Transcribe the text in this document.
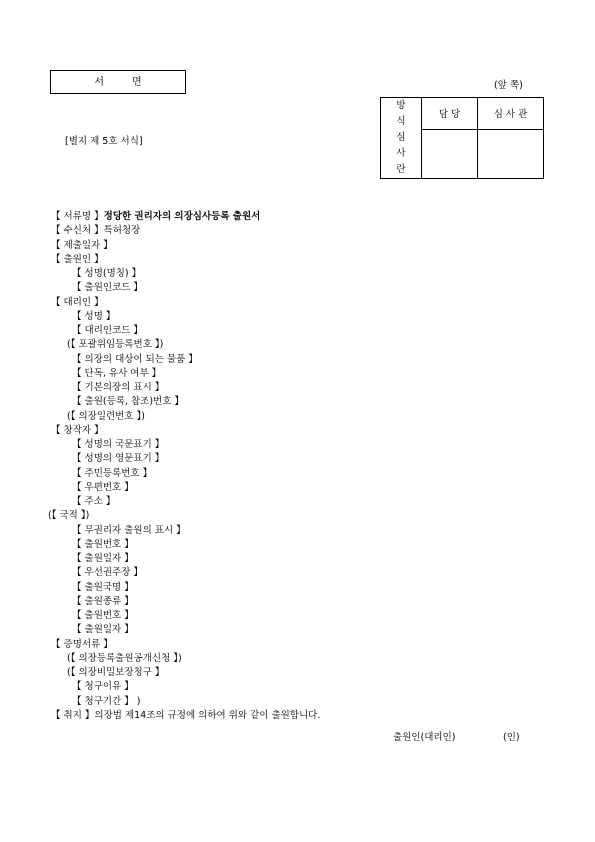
서면	(앞 쪽)
[별지 제 5호 서식]
방
식
심
사
란	담 당	심 사 관

【 서류명 】정당한 권리자의 의장심사등록 출원서
【 수신처 】특허청장
【 제출일자 】
【 출원인 】
【 성명(명칭) 】
【 출원인코드 】
【 대리인 】
【 성명 】
【 대리인코드 】
(【 포괄위임등록번호 】)
【 의장의 대상이 되는 물품 】
【 단독, 유사 여부 】
【 기본의장의 표시 】
【 출원(등록, 참조)번호 】
(【 의장일련번호 】)
【 창작자 】
【 성명의 국문표기 】
【 성명의 영문표기 】
【 주민등록번호 】
【 우편번호 】
【 주소 】
(【 국적 】)
【 무권리자 출원의 표시 】
【 출원번호 】
【 출원일자 】
【 우선권주장 】
【 출원국명 】
【 출원종류 】
【 출원번호 】
【 출원일자 】
【 증명서류 】
(【 의장등록출원공개신청 】)
(【 의장비밀보장청구 】
【 청구이유 】
【 청구기간 】 )
【 취지 】의장법 제14조의 규정에 의하여 위와 같이 출원합니다.
출원인(대리인)	(인)
